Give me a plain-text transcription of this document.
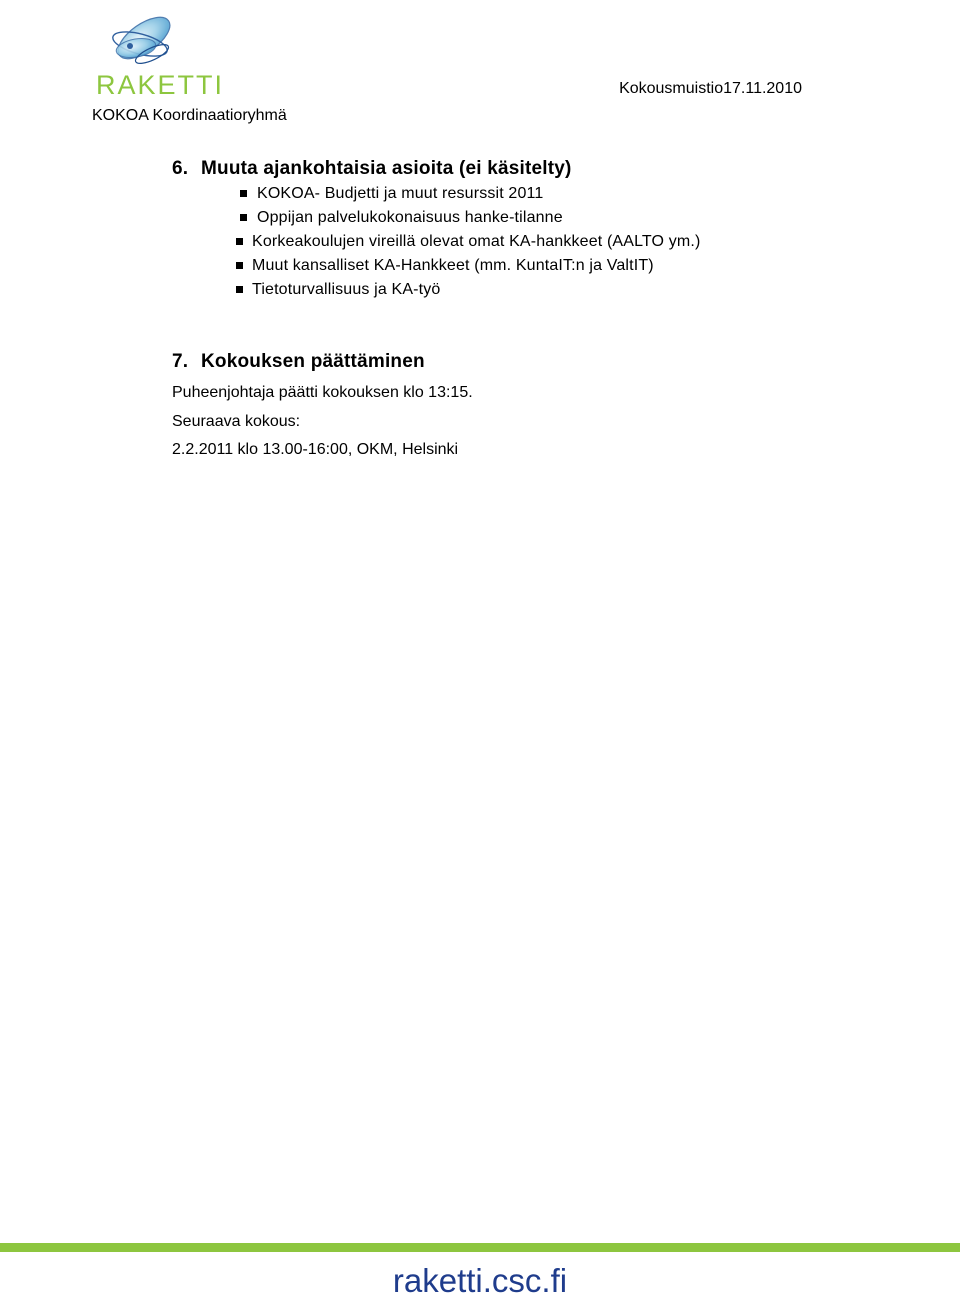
RAKETTI
KOKOA Koordinaatioryhmä
Kokousmuistio17.11.2010
6. Muuta ajankohtaisia asioita (ei käsitelty)
KOKOA- Budjetti ja muut resurssit 2011
Oppijan palvelukokonaisuus hanke-tilanne
Korkeakoulujen vireillä olevat omat KA-hankkeet (AALTO ym.)
Muut kansalliset KA-Hankkeet (mm. KuntaIT:n ja ValtIT)
Tietoturvallisuus ja KA-työ
7. Kokouksen päättäminen
Puheenjohtaja päätti kokouksen klo 13:15.
Seuraava kokous:
2.2.2011 klo 13.00-16:00, OKM, Helsinki
raketti.csc.fi
